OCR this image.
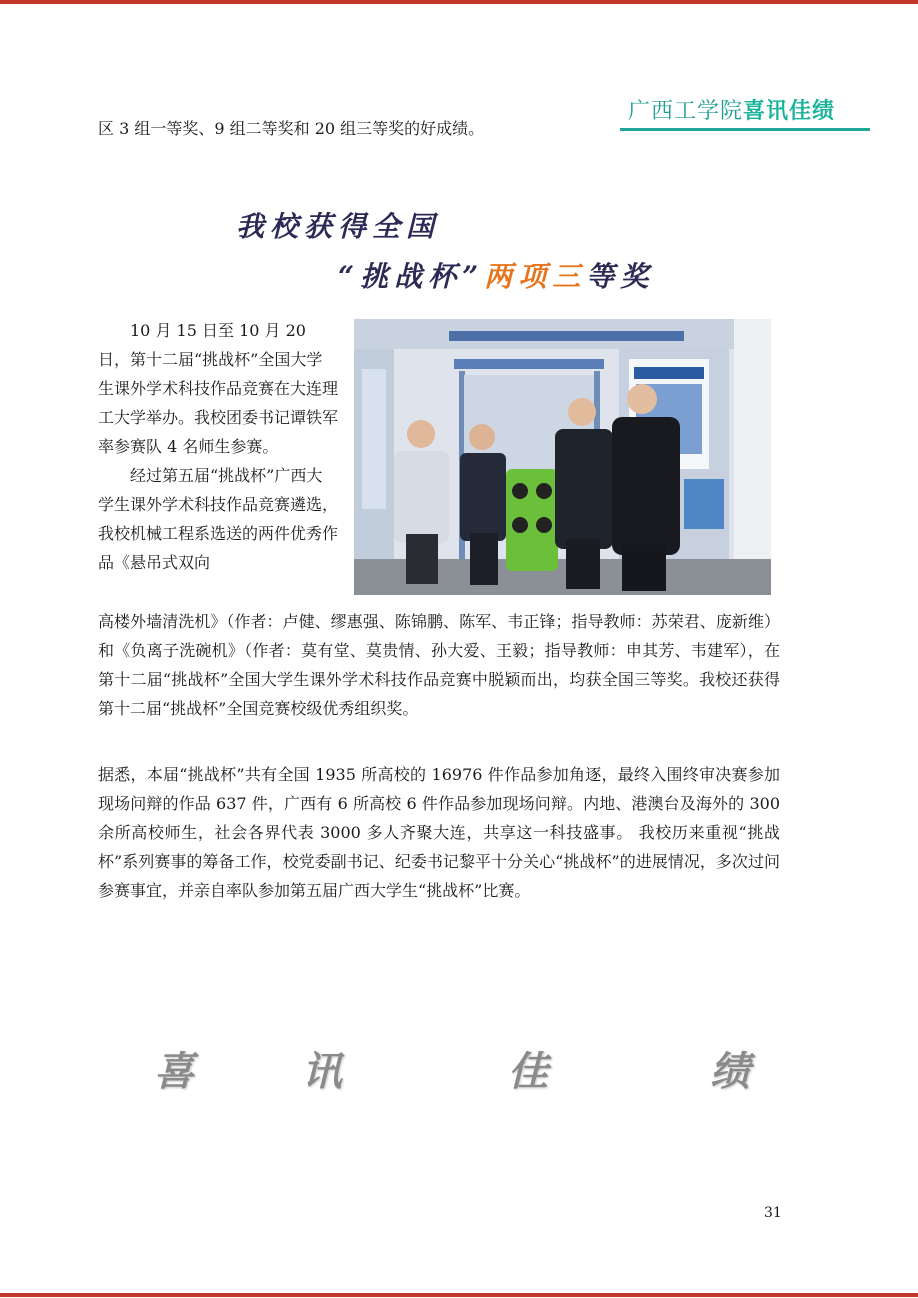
广西工学院喜讯佳绩

区 3 组一等奖、9 组二等奖和 20 组三等奖的好成绩。

我校获得全国
“挑战杯”两项三等奖
10 月 15 日至 10 月 20 日，第十二届“挑战杯”全国大学生课外学术科技作品竞赛在大连理工大学举办。我校团委书记谭铁军率参赛队 4 名师生参赛。
经过第五届“挑战杯”广西大学生课外学术科技作品竞赛遴选，我校机械工程系选送的两件优秀作品《悬吊式双向
高楼外墙清洗机》（作者：卢健、缪惠强、陈锦鹏、陈军、韦正锋；指导教师：苏荣君、庞新维）和《负离子洗碗机》（作者：莫有堂、莫贵情、孙大爱、王毅；指导教师：申其芳、韦建军），在第十二届“挑战杯”全国大学生课外学术科技作品竞赛中脱颖而出，均获全国三等奖。我校还获得第十二届“挑战杯”全国竞赛校级优秀组织奖。
据悉，本届“挑战杯”共有全国 1935 所高校的 16976 件作品参加角逐，最终入围终审决赛参加现场问辩的作品 637 件，广西有 6 所高校 6 件作品参加现场问辩。内地、港澳台及海外的 300 余所高校师生，社会各界代表 3000 多人齐聚大连，共享这一科技盛事。 我校历来重视“挑战杯”系列赛事的筹备工作，校党委副书记、纪委书记黎平十分关心“挑战杯”的进展情况，多次过问参赛事宜，并亲自率队参加第五届广西大学生“挑战杯”比赛。
喜	讯	佳	绩
31
